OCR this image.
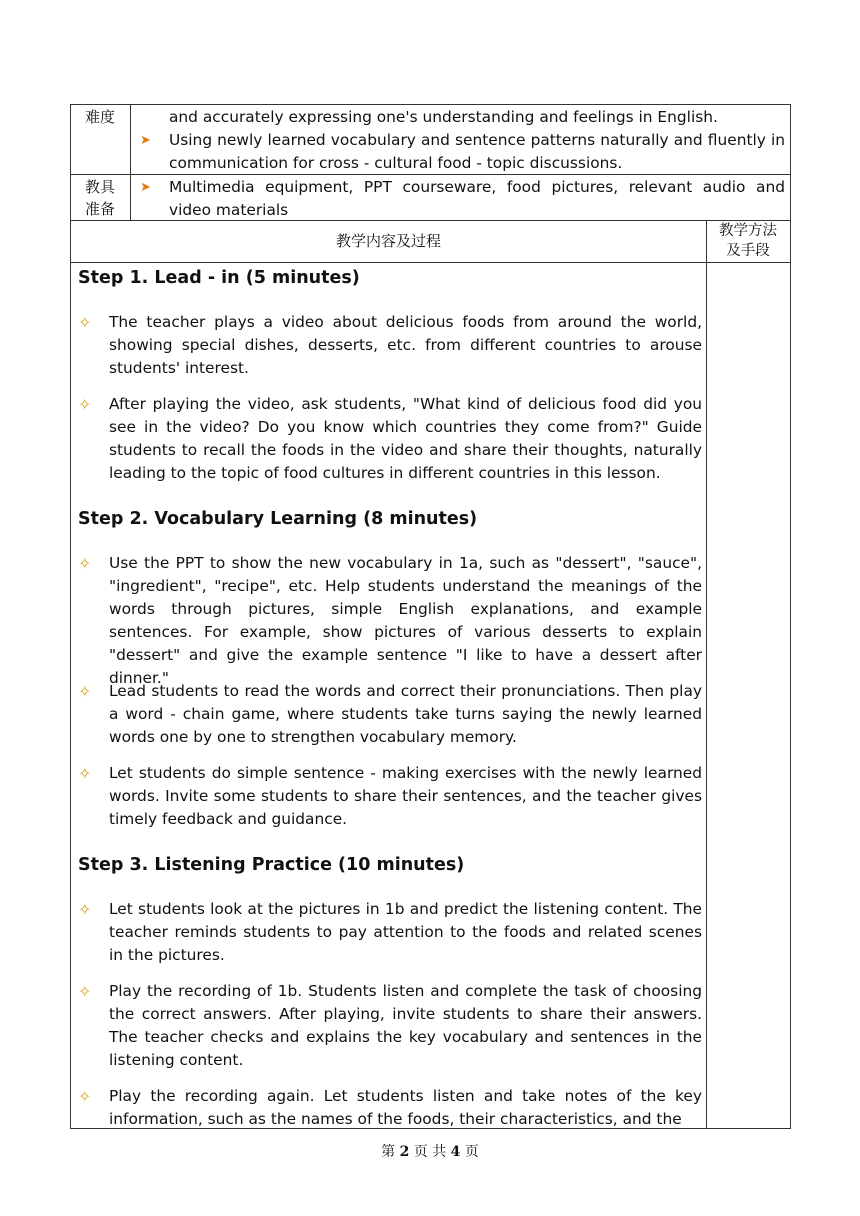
难度	and accurately expressing one's understanding and feelings in English.
➤ Using newly learned vocabulary and sentence patterns naturally and fluently in communication for cross - cultural food - topic discussions.
教具
准备
➤ Multimedia equipment, PPT courseware, food pictures, relevant audio and video materials
教学内容及过程
教学方法
及手段
Step 1. Lead - in (5 minutes)
✧ The teacher plays a video about delicious foods from around the world, showing special dishes, desserts, etc. from different countries to arouse students' interest.
✧ After playing the video, ask students, "What kind of delicious food did you see in the video? Do you know which countries they come from?" Guide students to recall the foods in the video and share their thoughts, naturally leading to the topic of food cultures in different countries in this lesson.
Step 2. Vocabulary Learning (8 minutes)
✧ Use the PPT to show the new vocabulary in 1a, such as "dessert", "sauce", "ingredient", "recipe", etc. Help students understand the meanings of the words through pictures, simple English explanations, and example sentences. For example, show pictures of various desserts to explain "dessert" and give the example sentence "I like to have a dessert after dinner."
✧ Lead students to read the words and correct their pronunciations. Then play a word - chain game, where students take turns saying the newly learned words one by one to strengthen vocabulary memory.
✧ Let students do simple sentence - making exercises with the newly learned words. Invite some students to share their sentences, and the teacher gives timely feedback and guidance.
Step 3. Listening Practice (10 minutes)
✧ Let students look at the pictures in 1b and predict the listening content. The teacher reminds students to pay attention to the foods and related scenes in the pictures.
✧ Play the recording of 1b. Students listen and complete the task of choosing the correct answers. After playing, invite students to share their answers. The teacher checks and explains the key vocabulary and sentences in the listening content.
✧ Play the recording again. Let students listen and take notes of the key information, such as the names of the foods, their characteristics, and the
第 2 页 共 4 页
